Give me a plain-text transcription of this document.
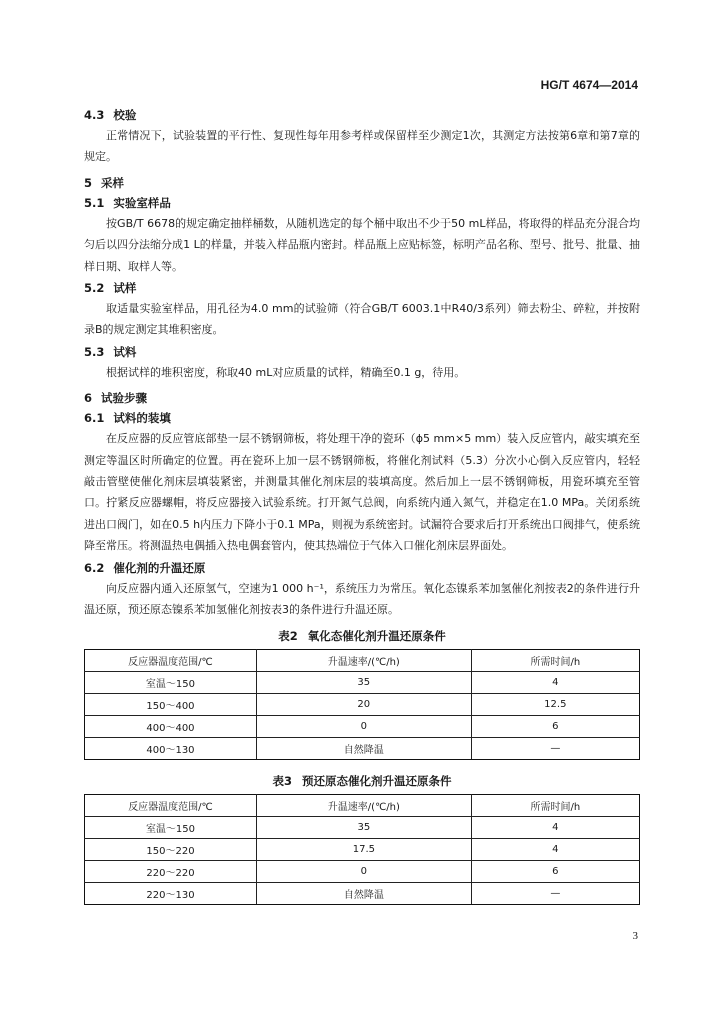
HG/T 4674—2014
4.3 校验

正常情况下，试验装置的平行性、复现性每年用参考样或保留样至少测定1次，其测定方法按第6章和第7章的规定。

5 采样
5.1 实验室样品

按GB/T 6678的规定确定抽样桶数，从随机选定的每个桶中取出不少于50 mL样品，将取得的样品充分混合均匀后以四分法缩分成1 L的样量，并装入样品瓶内密封。样品瓶上应贴标签，标明产品名称、型号、批号、批量、抽样日期、取样人等。

5.2 试样

取适量实验室样品，用孔径为4.0 mm的试验筛（符合GB/T 6003.1中R40/3系列）筛去粉尘、碎粒，并按附录B的规定测定其堆积密度。

5.3 试料

根据试样的堆积密度，称取40 mL对应质量的试样，精确至0.1 g，待用。

6 试验步骤
6.1 试料的装填

在反应器的反应管底部垫一层不锈钢筛板，将处理干净的瓷环（ϕ5 mm×5 mm）装入反应管内，敲实填充至测定等温区时所确定的位置。再在瓷环上加一层不锈钢筛板，将催化剂试料（5.3）分次小心倒入反应管内，轻轻敲击管壁使催化剂床层填装紧密，并测量其催化剂床层的装填高度。然后加上一层不锈钢筛板，用瓷环填充至管口。拧紧反应器螺帽，将反应器接入试验系统。打开氮气总阀，向系统内通入氮气，并稳定在1.0 MPa。关闭系统进出口阀门，如在0.5 h内压力下降小于0.1 MPa，则视为系统密封。试漏符合要求后打开系统出口阀排气，使系统降至常压。将测温热电偶插入热电偶套管内，使其热端位于气体入口催化剂床层界面处。

6.2 催化剂的升温还原

向反应器内通入还原氢气，空速为1 000 h⁻¹，系统压力为常压。氧化态镍系苯加氢催化剂按表2的条件进行升温还原，预还原态镍系苯加氢催化剂按表3的条件进行升温还原。

表2 氧化态催化剂升温还原条件
反应器温度范围/℃	升温速率/(℃/h)	所需时间/h
室温～150	35	4
150～400	20	12.5
400～400	0	6
400～130	自然降温	—
表3 预还原态催化剂升温还原条件
反应器温度范围/℃	升温速率/(℃/h)	所需时间/h
室温～150	35	4
150～220	17.5	4
220～220	0	6
220～130	自然降温	—
3
